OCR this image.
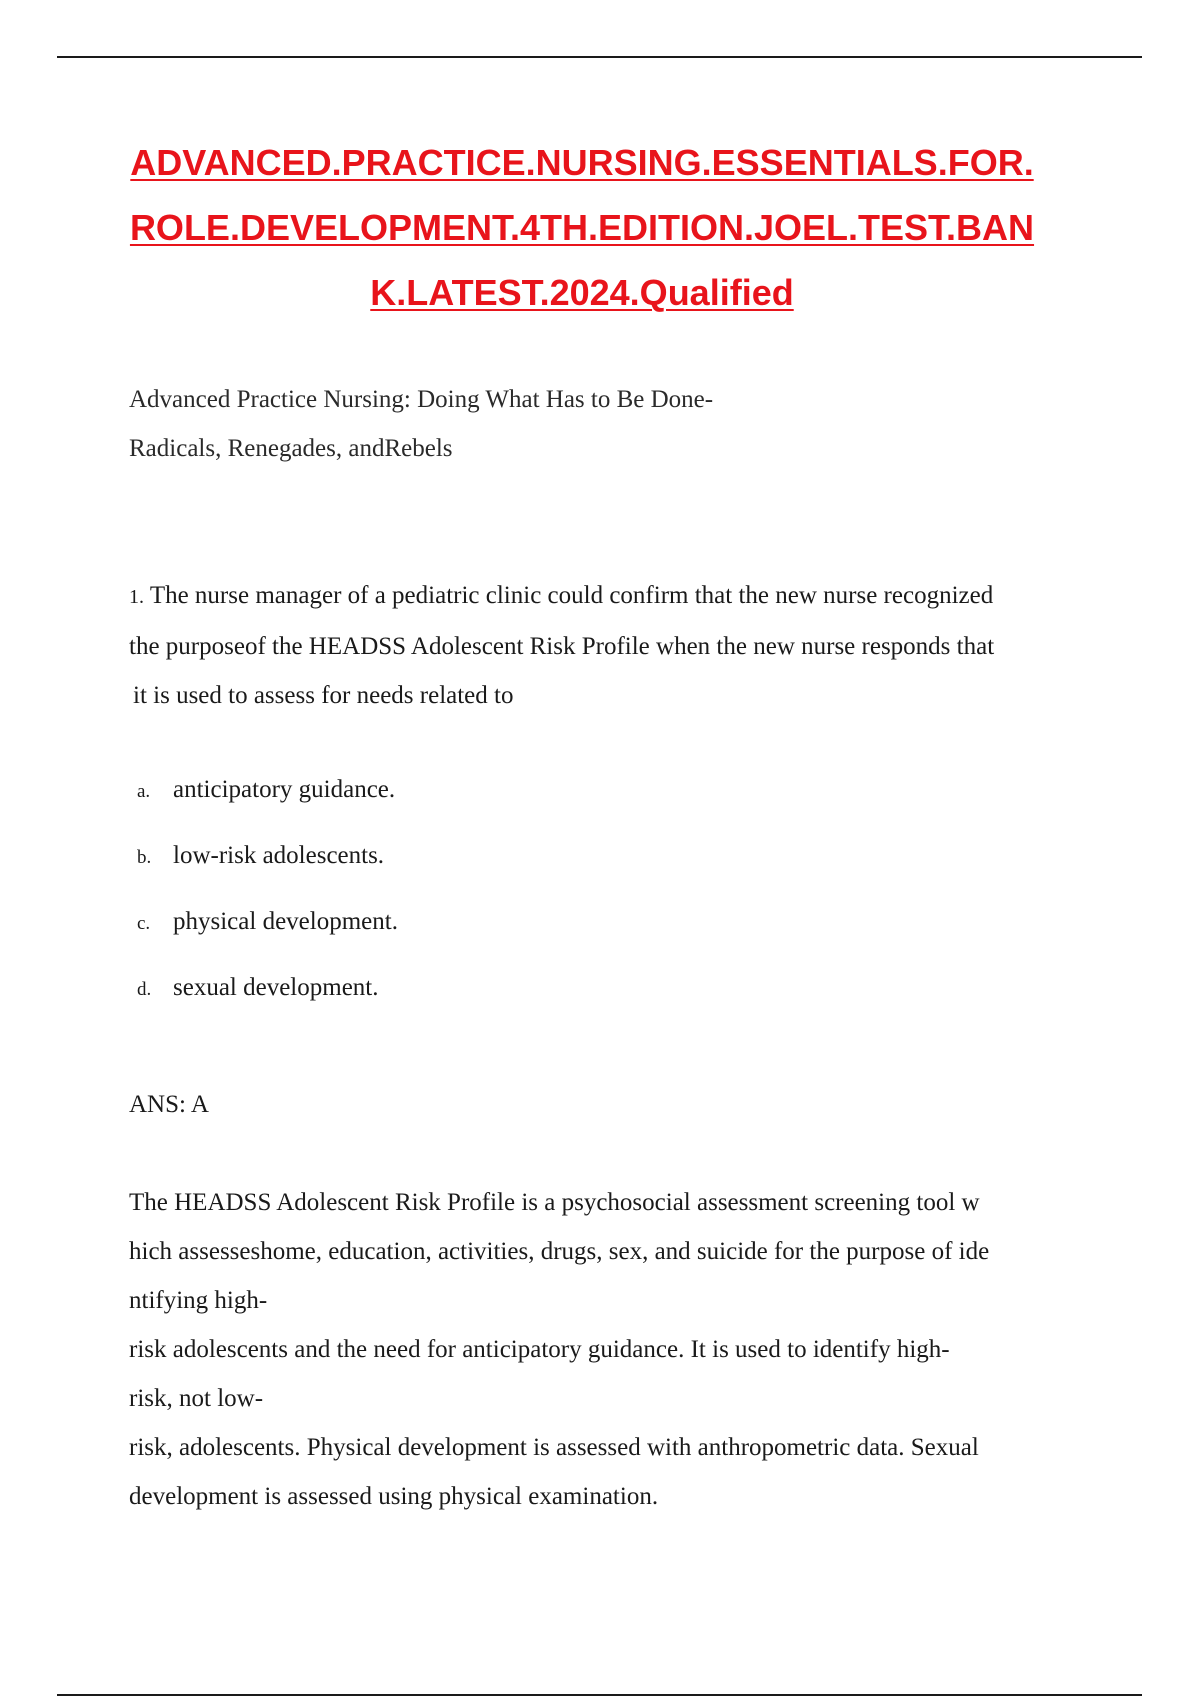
ADVANCED.PRACTICE.NURSING.ESSENTIALS.FOR.
ROLE.DEVELOPMENT.4TH.EDITION.JOEL.TEST.BAN
K.LATEST.2024.Qualified

Advanced Practice Nursing: Doing What Has to Be Done-
Radicals, Renegades, andRebels

1. The nurse manager of a pediatric clinic could confirm that the new nurse recognized
the purposeof the HEADSS Adolescent Risk Profile when the new nurse responds that
it is used to assess for needs related to
a. anticipatory guidance.
b. low-risk adolescents.
c. physical development.
d. sexual development.

ANS: A

The HEADSS Adolescent Risk Profile is a psychosocial assessment screening tool w
hich assesseshome, education, activities, drugs, sex, and suicide for the purpose of ide
ntifying high-
risk adolescents and the need for anticipatory guidance. It is used to identify high-
risk, not low-
risk, adolescents. Physical development is assessed with anthropometric data. Sexual
development is assessed using physical examination.
